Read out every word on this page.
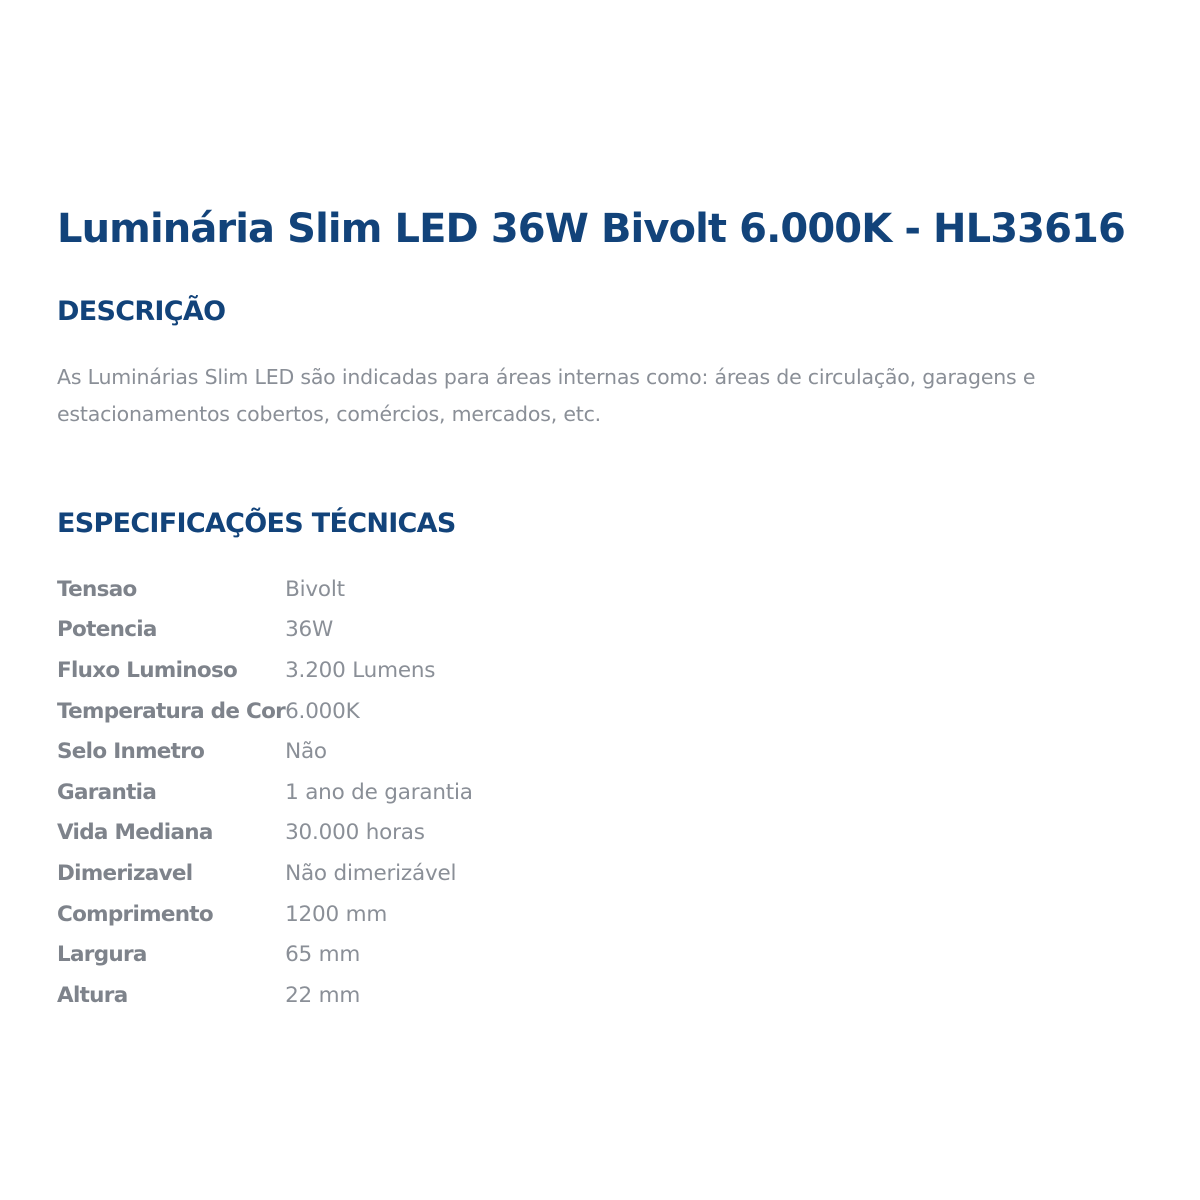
Luminária Slim LED 36W Bivolt 6.000K - HL33616
DESCRIÇÃO

As Luminárias Slim LED são indicadas para áreas internas como: áreas de circulação, garagens e estacionamentos cobertos, comércios, mercados, etc.

ESPECIFICAÇÕES TÉCNICAS
Tensao	Bivolt
Potencia	36W
Fluxo Luminoso	3.200 Lumens
Temperatura de Cor	6.000K
Selo Inmetro	Não
Garantia	1 ano de garantia
Vida Mediana	30.000 horas
Dimerizavel	Não dimerizável
Comprimento	1200 mm
Largura	65 mm
Altura	22 mm
